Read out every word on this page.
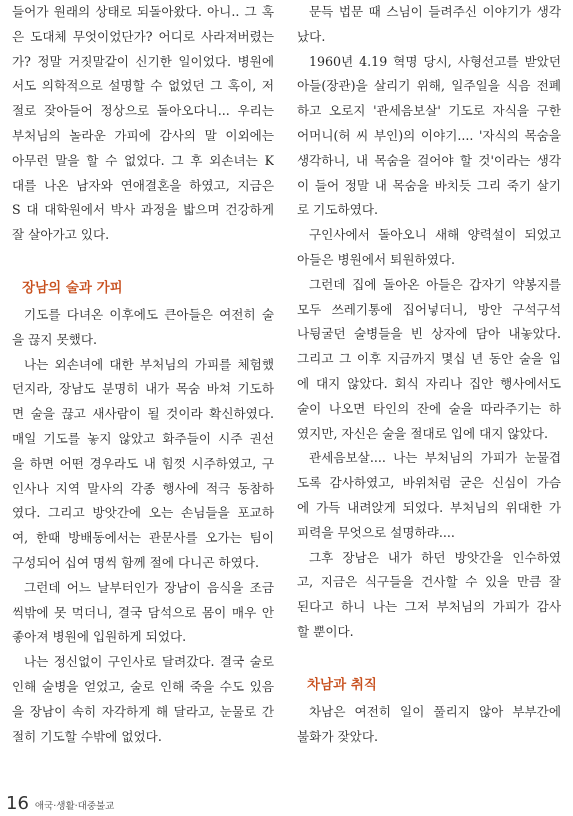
들어가 원래의 상태로 되돌아왔다. 아니.. 그 혹
은 도대체 무엇이었단가? 어디로 사라져버렸는
가? 정말 거짓말같이 신기한 일이었다. 병원에
서도 의학적으로 설명할 수 없었던 그 혹이, 저
절로 잦아들어 정상으로 돌아오다니... 우리는
부처님의 놀라운 가피에 감사의 말 이외에는
아무런 말을 할 수 없었다. 그 후 외손녀는 K
대를 나온 남자와 연애결혼을 하였고, 지금은
S 대 대학원에서 박사 과정을 밟으며 건강하게
잘 살아가고 있다.
장남의 술과 가피
기도를 다녀온 이후에도 큰아들은 여전히 술
을 끊지 못했다.
나는 외손녀에 대한 부처님의 가피를 체험했
던지라, 장남도 분명히 내가 목숨 바쳐 기도하
면 술을 끊고 새사람이 될 것이라 확신하였다.
매일 기도를 놓지 않았고 화주들이 시주 권선
을 하면 어떤 경우라도 내 힘껏 시주하였고, 구
인사나 지역 말사의 각종 행사에 적극 동참하
였다. 그리고 방앗간에 오는 손님들을 포교하
여, 한때 방배동에서는 관문사를 오가는 팀이
구성되어 십여 명씩 함께 절에 다니곤 하였다.
그런데 어느 날부터인가 장남이 음식을 조금
씩밖에 못 먹더니, 결국 담석으로 몸이 매우 안
좋아져 병원에 입원하게 되었다.
나는 정신없이 구인사로 달려갔다. 결국 술로
인해 술병을 얻었고, 술로 인해 죽을 수도 있음
을 장남이 속히 자각하게 해 달라고, 눈물로 간
절히 기도할 수밖에 없었다.
문득 법문 때 스님이 들려주신 이야기가 생각
났다.
1960년 4.19 혁명 당시, 사형선고를 받았던
아들(장관)을 살리기 위해, 일주일을 식음 전폐
하고 오로지 '관세음보살' 기도로 자식을 구한
어머니(허 씨 부인)의 이야기.... '자식의 목숨을
생각하니, 내 목숨을 걸어야 할 것'이라는 생각
이 들어 정말 내 목숨을 바치듯 그리 죽기 살기
로 기도하였다.
구인사에서 돌아오니 새해 양력설이 되었고
아들은 병원에서 퇴원하였다.
그런데 집에 돌아온 아들은 갑자기 약봉지를
모두 쓰레기통에 집어넣더니, 방안 구석구석
나뒹굴던 술병들을 빈 상자에 담아 내놓았다.
그리고 그 이후 지금까지 몇십 년 동안 술을 입
에 대지 않았다. 회식 자리나 집안 행사에서도
술이 나오면 타인의 잔에 술을 따라주기는 하
였지만, 자신은 술을 절대로 입에 대지 않았다.
관세음보살.... 나는 부처님의 가피가 눈물겹
도록 감사하였고, 바위처럼 굳은 신심이 가슴
에 가득 내려앉게 되었다. 부처님의 위대한 가
피력을 무엇으로 설명하랴....
그후 장남은 내가 하던 방앗간을 인수하였
고, 지금은 식구들을 건사할 수 있을 만큼 잘
된다고 하니 나는 그저 부처님의 가피가 감사
할 뿐이다.
차남과 취직
차남은 여전히 일이 풀리지 않아 부부간에
불화가 잦았다.
16 애국·생활·대중불교
